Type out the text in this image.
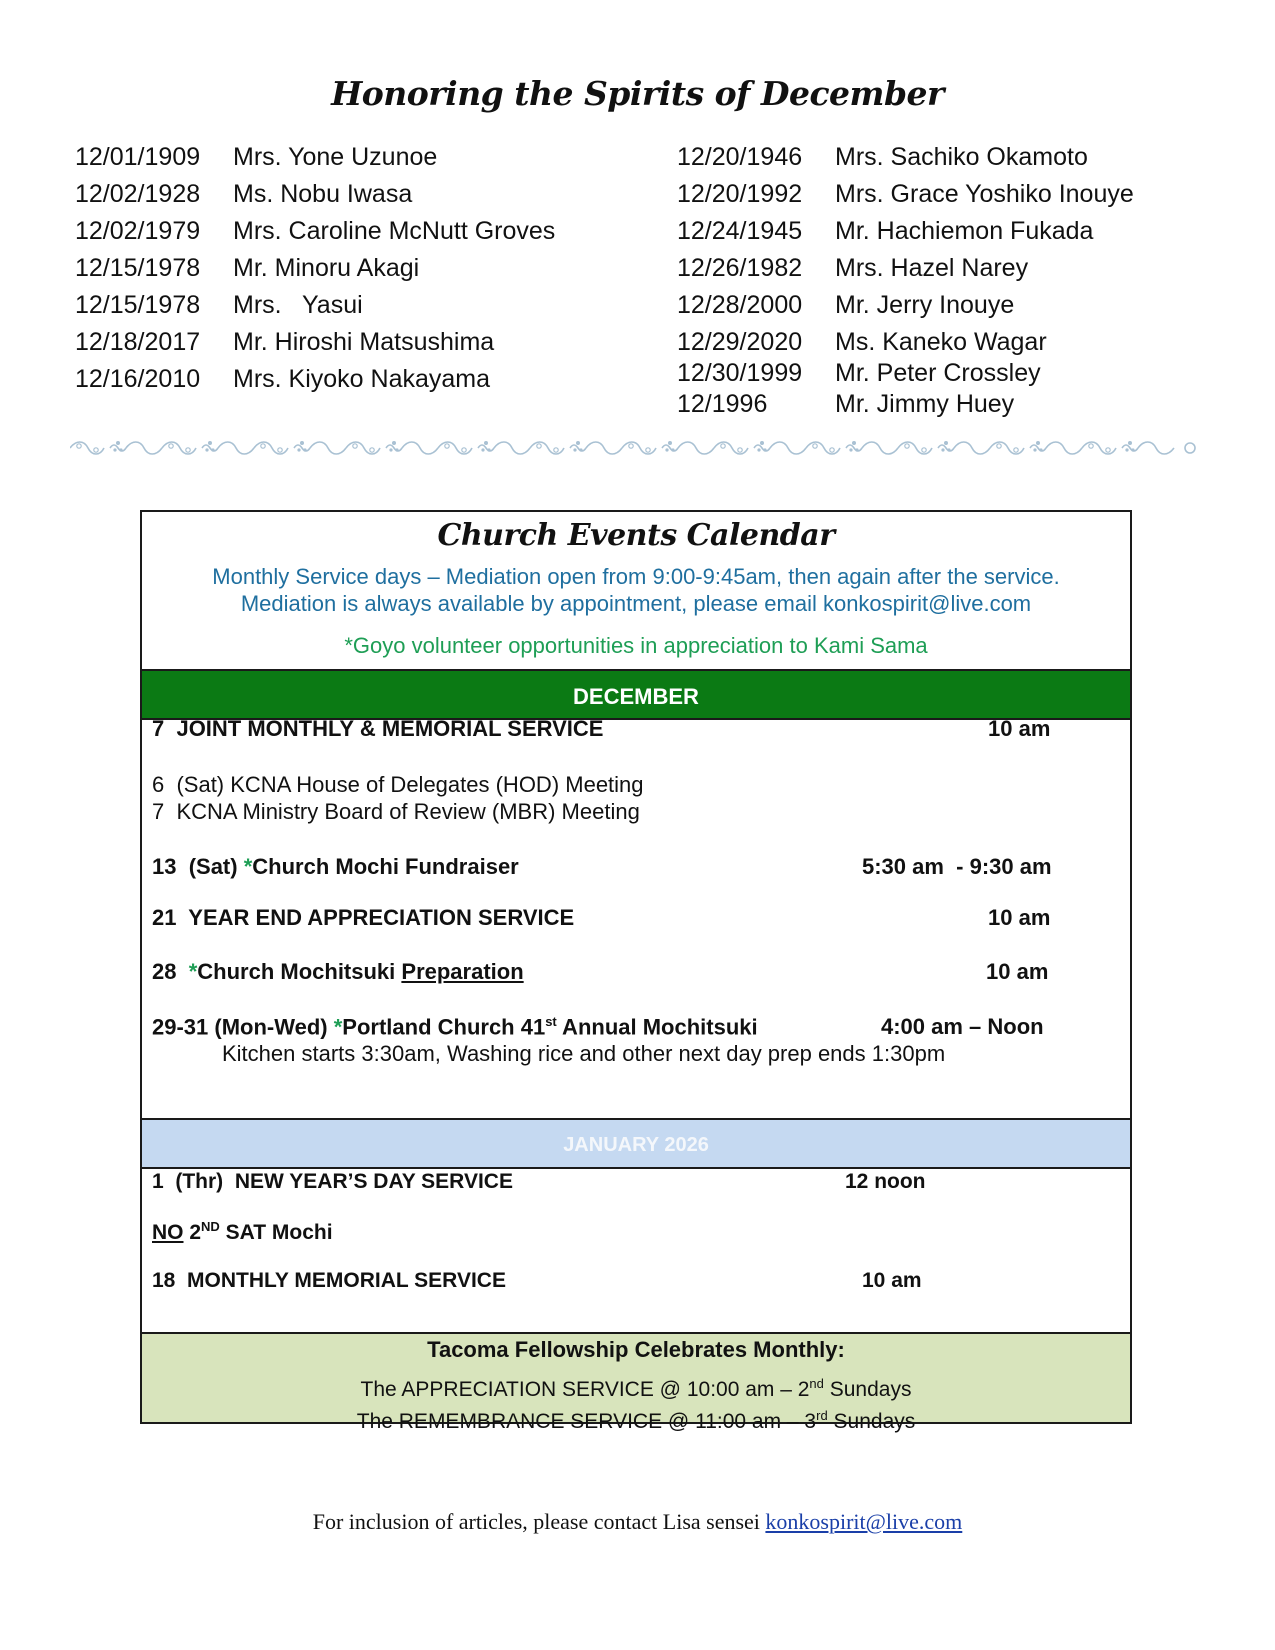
Honoring the Spirits of December
12/01/1909 Mrs. Yone Uzunoe
12/02/1928 Ms. Nobu Iwasa
12/02/1979 Mrs. Caroline McNutt Groves
12/15/1978 Mr. Minoru Akagi
12/15/1978 Mrs.   Yasui
12/18/2017 Mr. Hiroshi Matsushima
12/16/2010 Mrs. Kiyoko Nakayama
12/20/1946 Mrs. Sachiko Okamoto
12/20/1992 Mrs. Grace Yoshiko Inouye
12/24/1945 Mr. Hachiemon Fukada
12/26/1982 Mrs. Hazel Narey
12/28/2000 Mr. Jerry Inouye
12/29/2020 Ms. Kaneko Wagar
12/30/1999 Mr. Peter Crossley
12/1996	Mr. Jimmy Huey
Church Events Calendar
Monthly Service days – Mediation open from 9:00-9:45am, then again after the service.
Mediation is always available by appointment, please email konkospirit@live.com
*Goyo volunteer opportunities in appreciation to Kami Sama
DECEMBER
7  JOINT MONTHLY & MEMORIAL SERVICE	10 am
6  (Sat) KCNA House of Delegates (HOD) Meeting
7  KCNA Ministry Board of Review (MBR) Meeting
13  (Sat) *Church Mochi Fundraiser	5:30 am  - 9:30 am
21  YEAR END APPRECIATION SERVICE	10 am
28  *Church Mochitsuki Preparation	10 am
29-31 (Mon-Wed) *Portland Church 41st Annual Mochitsuki	4:00 am – Noon
Kitchen starts 3:30am, Washing rice and other next day prep ends 1:30pm
JANUARY 2026
1  (Thr)  NEW YEAR’S DAY SERVICE	12 noon
NO 2ND SAT Mochi
18  MONTHLY MEMORIAL SERVICE	10 am
Tacoma Fellowship Celebrates Monthly:
The APPRECIATION SERVICE @ 10:00 am – 2nd Sundays
The REMEMBRANCE SERVICE @ 11:00 am – 3rd Sundays
For inclusion of articles, please contact Lisa sensei konkospirit@live.com
